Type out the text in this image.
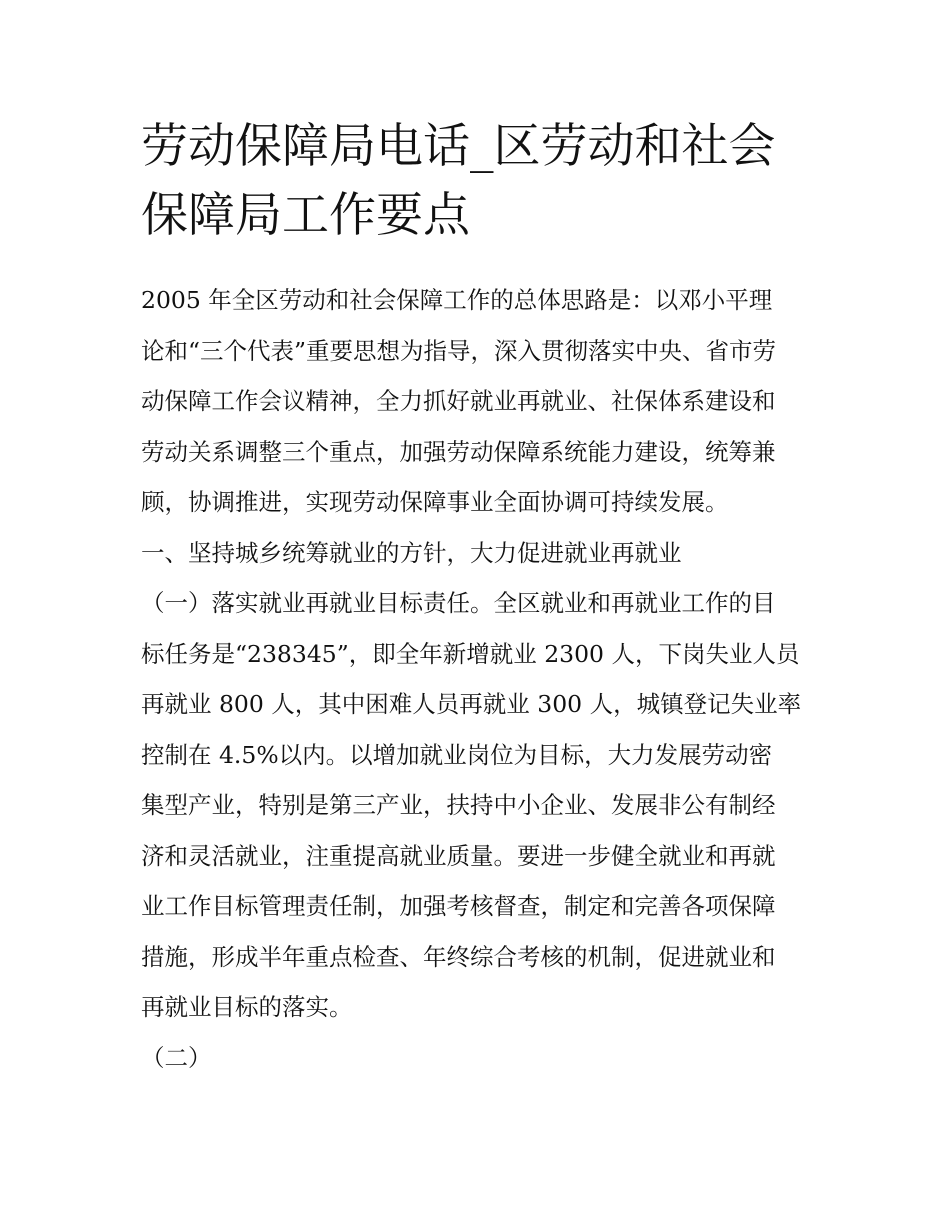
劳动保障局电话_区劳动和社会
保障局工作要点
2005 年全区劳动和社会保障工作的总体思路是：以邓小平理
论和“三个代表”重要思想为指导，深入贯彻落实中央、省市劳
动保障工作会议精神，全力抓好就业再就业、社保体系建设和
劳动关系调整三个重点，加强劳动保障系统能力建设，统筹兼
顾，协调推进，实现劳动保障事业全面协调可持续发展。
一、坚持城乡统筹就业的方针，大力促进就业再就业
（一）落实就业再就业目标责任。全区就业和再就业工作的目
标任务是“238345”，即全年新增就业 2300 人，下岗失业人员
再就业 800 人，其中困难人员再就业 300 人，城镇登记失业率
控制在 4.5%以内。以增加就业岗位为目标，大力发展劳动密
集型产业，特别是第三产业，扶持中小企业、发展非公有制经
济和灵活就业，注重提高就业质量。要进一步健全就业和再就
业工作目标管理责任制，加强考核督查，制定和完善各项保障
措施，形成半年重点检查、年终综合考核的机制，促进就业和
再就业目标的落实。
（二）
